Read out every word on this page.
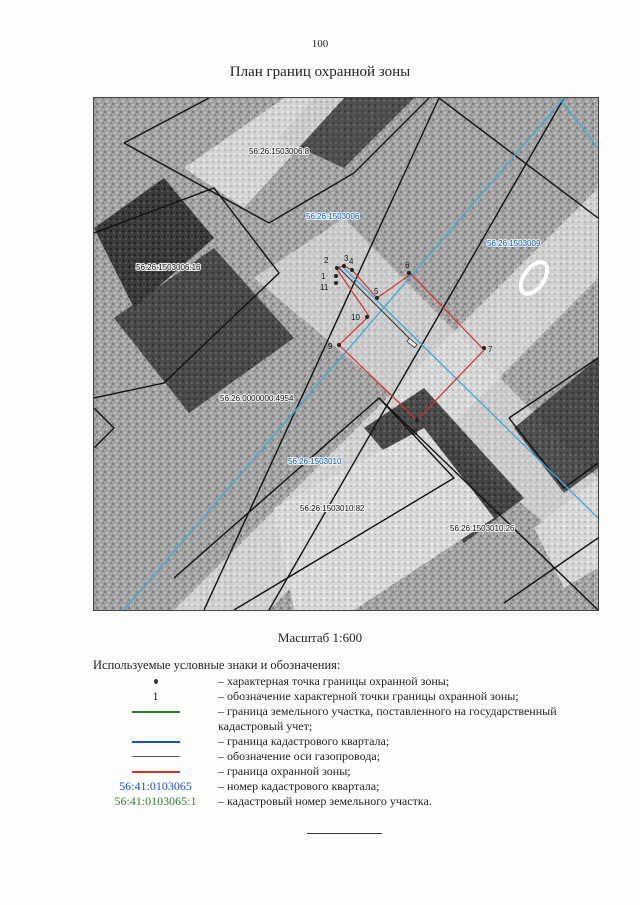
100
План границ охранной зоны
1
2 3 4
5
6
7
8
9
10
11
56:26:1503006:8
56:26:1503006:16
56:26:0000000:4954
56:26:1503010:82
56:26:1503010:26
56:26:1503006
56:26:1503009
56:26:1503010
Масштаб 1:600
Используемые условные знаки и обозначения:
– характерная точка границы охранной зоны;
1	– обозначение характерной точки границы охранной зоны;
– граница земельного участка, поставленного на государственный кадастровый учет;
– граница кадастрового квартала;
– обозначение оси газопровода;
– граница охранной зоны;
56:41:0103065	– номер кадастрового квартала;
56:41:0103065:1	– кадастровый номер земельного участка.
